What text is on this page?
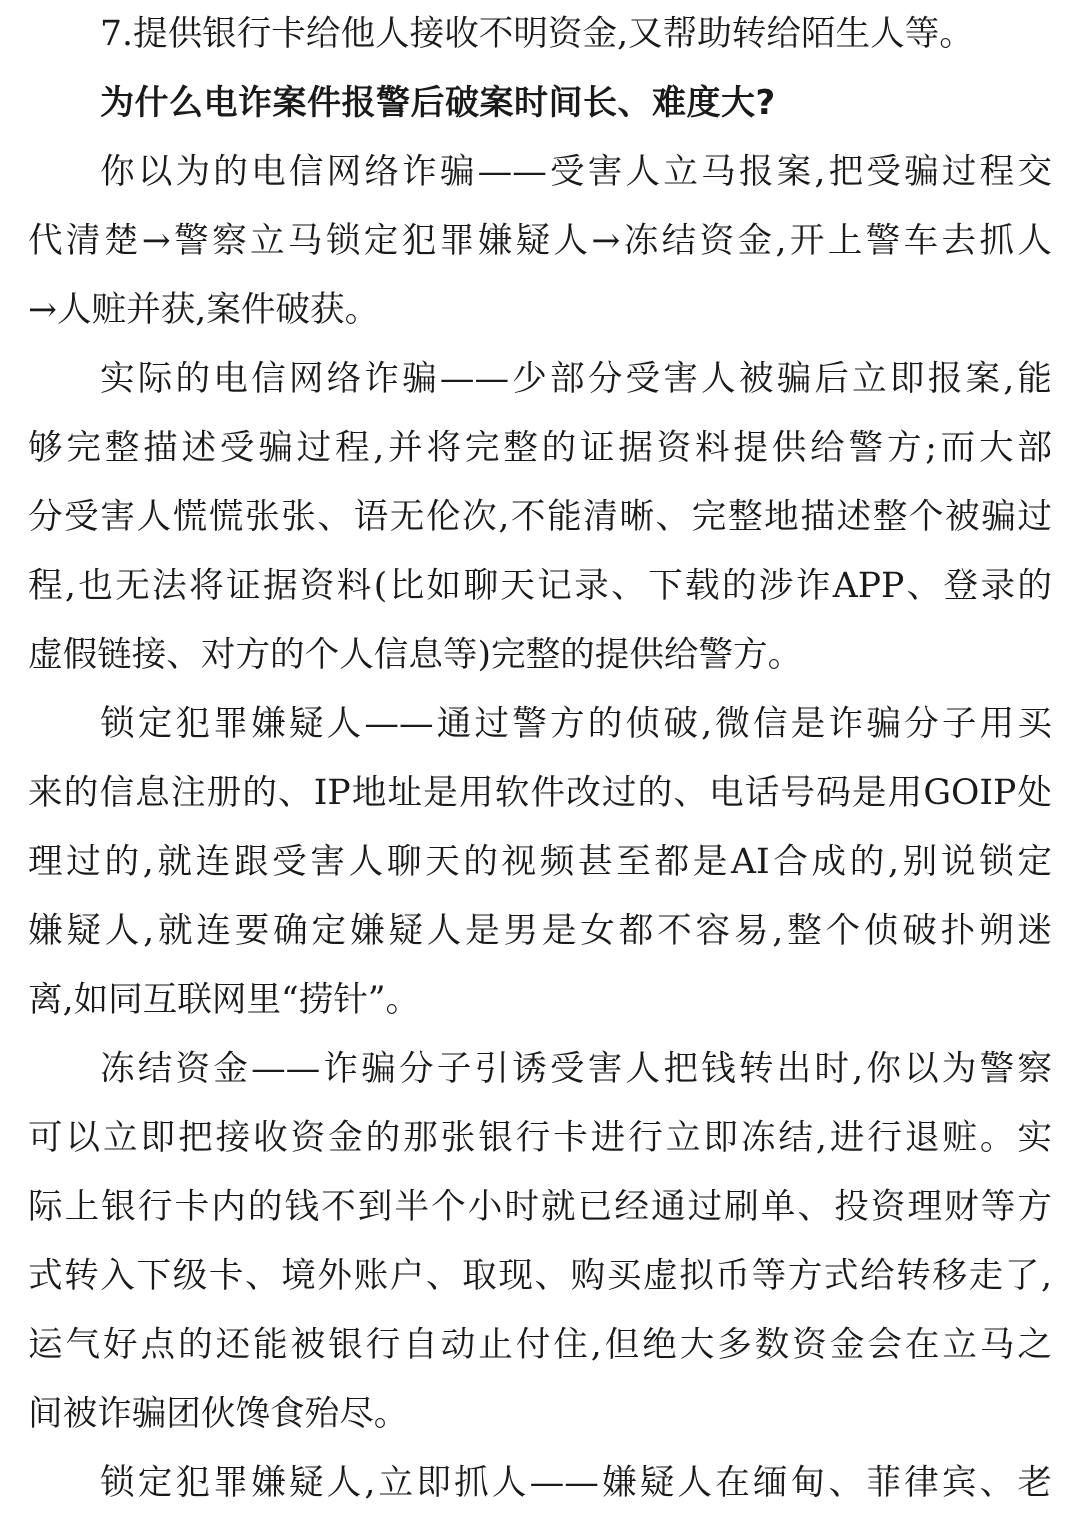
7.提供银行卡给他人接收不明资金,又帮助转给陌生人等。
为什么电诈案件报警后破案时间长、难度大?
你以为的电信网络诈骗——受害人立马报案,把受骗过程交
代清楚→警察立马锁定犯罪嫌疑人→冻结资金,开上警车去抓人
→人赃并获,案件破获。
实际的电信网络诈骗——少部分受害人被骗后立即报案,能
够完整描述受骗过程,并将完整的证据资料提供给警方;而大部
分受害人慌慌张张、语无伦次,不能清晰、完整地描述整个被骗过
程,也无法将证据资料(比如聊天记录、下载的涉诈APP、登录的
虚假链接、对方的个人信息等)完整的提供给警方。
锁定犯罪嫌疑人——通过警方的侦破,微信是诈骗分子用买
来的信息注册的、IP地址是用软件改过的、电话号码是用GOIP处
理过的,就连跟受害人聊天的视频甚至都是AI合成的,别说锁定
嫌疑人,就连要确定嫌疑人是男是女都不容易,整个侦破扑朔迷
离,如同互联网里“捞针”。
冻结资金——诈骗分子引诱受害人把钱转出时,你以为警察
可以立即把接收资金的那张银行卡进行立即冻结,进行退赃。实
际上银行卡内的钱不到半个小时就已经通过刷单、投资理财等方
式转入下级卡、境外账户、取现、购买虚拟币等方式给转移走了,
运气好点的还能被银行自动止付住,但绝大多数资金会在立马之
间被诈骗团伙馋食殆尽。
锁定犯罪嫌疑人,立即抓人——嫌疑人在缅甸、菲律宾、老
